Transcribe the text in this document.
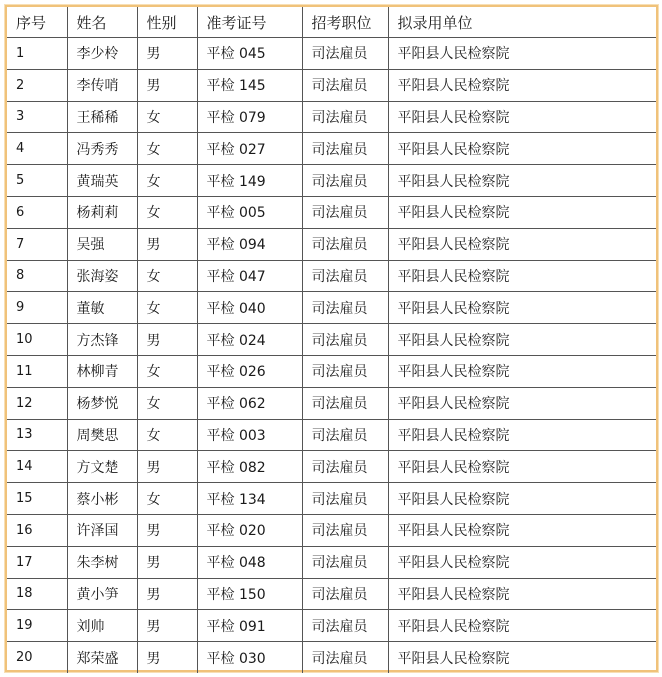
序号	姓名	性别	准考证号	招考职位	拟录用单位
1	李少柃	男	平检 045	司法雇员	平阳县人民检察院
2	李传哨	男	平检 145	司法雇员	平阳县人民检察院
3	王稀稀	女	平检 079	司法雇员	平阳县人民检察院
4	冯秀秀	女	平检 027	司法雇员	平阳县人民检察院
5	黄瑞英	女	平检 149	司法雇员	平阳县人民检察院
6	杨莉莉	女	平检 005	司法雇员	平阳县人民检察院
7	吴强	男	平检 094	司法雇员	平阳县人民检察院
8	张海姿	女	平检 047	司法雇员	平阳县人民检察院
9	董敏	女	平检 040	司法雇员	平阳县人民检察院
10	方杰锋	男	平检 024	司法雇员	平阳县人民检察院
11	林柳青	女	平检 026	司法雇员	平阳县人民检察院
12	杨梦悦	女	平检 062	司法雇员	平阳县人民检察院
13	周樊思	女	平检 003	司法雇员	平阳县人民检察院
14	方文楚	男	平检 082	司法雇员	平阳县人民检察院
15	蔡小彬	女	平检 134	司法雇员	平阳县人民检察院
16	许泽国	男	平检 020	司法雇员	平阳县人民检察院
17	朱李树	男	平检 048	司法雇员	平阳县人民检察院
18	黄小笋	男	平检 150	司法雇员	平阳县人民检察院
19	刘帅	男	平检 091	司法雇员	平阳县人民检察院
20	郑荣盛	男	平检 030	司法雇员	平阳县人民检察院
